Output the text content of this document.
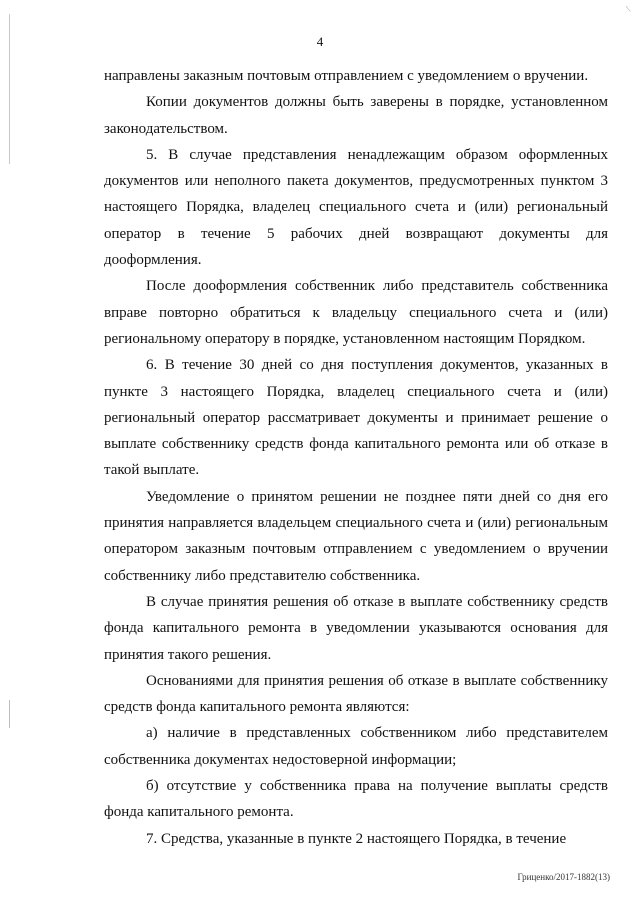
\
4

направлены заказным почтовым отправлением с уведомлением о вручении.

Копии документов должны быть заверены в порядке, установленном законодательством.

5. В случае представления ненадлежащим образом оформленных документов или неполного пакета документов, предусмотренных пунктом 3 настоящего Порядка, владелец специального счета и (или) региональный оператор в течение 5 рабочих дней возвращают документы для дооформления.

После дооформления собственник либо представитель собственника вправе повторно обратиться к владельцу специального счета и (или) региональному оператору в порядке, установленном настоящим Порядком.

6. В течение 30 дней со дня поступления документов, указанных в пункте 3 настоящего Порядка, владелец специального счета и (или) региональный оператор рассматривает документы и принимает решение о выплате собственнику средств фонда капитального ремонта или об отказе в такой выплате.

Уведомление о принятом решении не позднее пяти дней со дня его принятия направляется владельцем специального счета и (или) региональным оператором заказным почтовым отправлением с уведомлением о вручении собственнику либо представителю собственника.

В случае принятия решения об отказе в выплате собственнику средств фонда капитального ремонта в уведомлении указываются основания для принятия такого решения.

Основаниями для принятия решения об отказе в выплате собственнику средств фонда капитального ремонта являются:

а) наличие в представленных собственником либо представителем собственника документах недостоверной информации;

б) отсутствие у собственника права на получение выплаты средств фонда капитального ремонта.

7. Средства, указанные в пункте 2 настоящего Порядка, в течение

Гриценко/2017-1882(13)
